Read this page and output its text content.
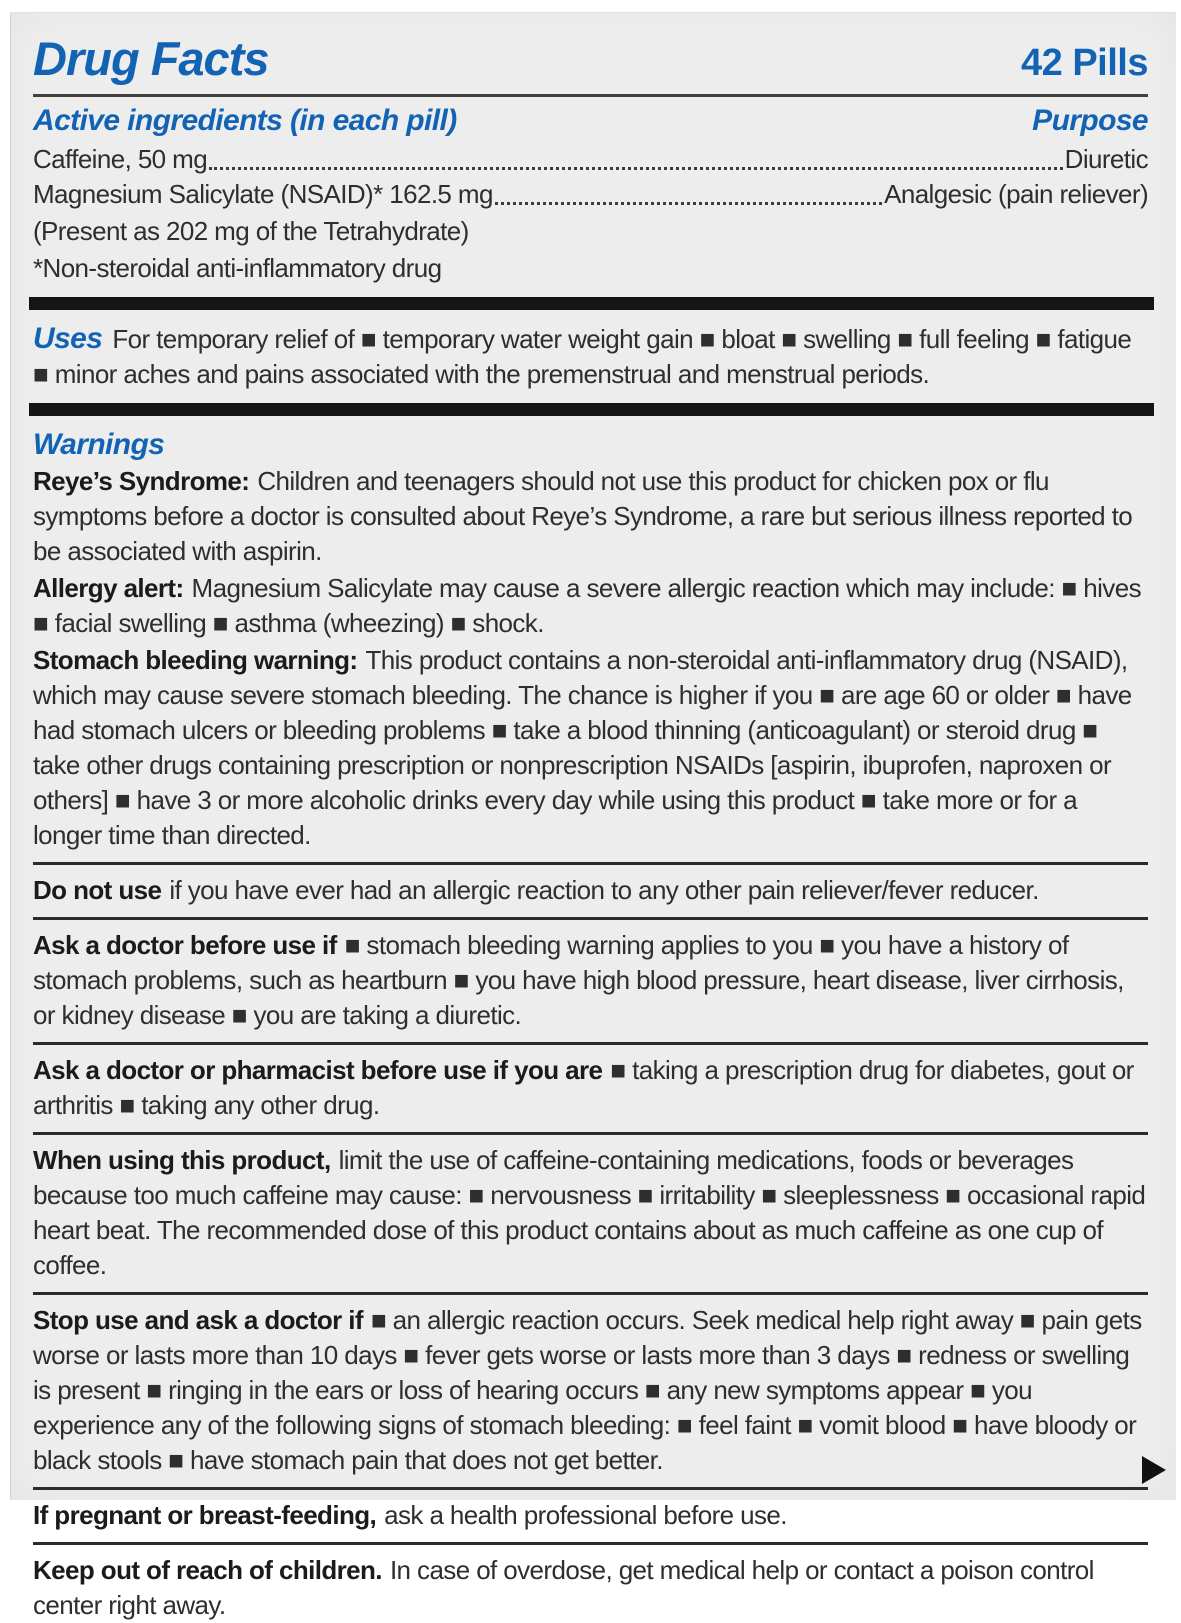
Drug Facts	42 Pills
Active ingredients (in each pill)	Purpose
Caffeine, 50 mg	Diuretic
Magnesium Salicylate (NSAID)* 162.5 mg	Analgesic (pain reliever)

(Present as 202 mg of the Tetrahydrate)

*Non-steroidal anti-inflammatory drug

Uses For temporary relief of ■ temporary water weight gain ■ bloat ■ swelling ■ full feeling ■ fatigue ■ minor aches and pains associated with the premenstrual and menstrual periods.

Warnings

Reye’s Syndrome: Children and teenagers should not use this product for chicken pox or flu symptoms before a doctor is consulted about Reye’s Syndrome, a rare but serious illness reported to be associated with aspirin.

Allergy alert: Magnesium Salicylate may cause a severe allergic reaction which may include: ■ hives ■ facial swelling ■ asthma (wheezing) ■ shock.

Stomach bleeding warning: This product contains a non-steroidal anti-inflammatory drug (NSAID), which may cause severe stomach bleeding. The chance is higher if you ■ are age 60 or older ■ have had stomach ulcers or bleeding problems ■ take a blood thinning (anticoagulant) or steroid drug ■ take other drugs containing prescription or nonprescription NSAIDs [aspirin, ibuprofen, naproxen or others] ■ have 3 or more alcoholic drinks every day while using this product ■ take more or for a longer time than directed.

Do not use if you have ever had an allergic reaction to any other pain reliever/fever reducer.

Ask a doctor before use if ■ stomach bleeding warning applies to you ■ you have a history of stomach problems, such as heartburn ■ you have high blood pressure, heart disease, liver cirrhosis, or kidney disease ■ you are taking a diuretic.

Ask a doctor or pharmacist before use if you are ■ taking a prescription drug for diabetes, gout or arthritis ■ taking any other drug.

When using this product, limit the use of caffeine-containing medications, foods or beverages because too much caffeine may cause: ■ nervousness ■ irritability ■ sleeplessness ■ occasional rapid heart beat. The recommended dose of this product contains about as much caffeine as one cup of coffee.

Stop use and ask a doctor if ■ an allergic reaction occurs. Seek medical help right away ■ pain gets worse or lasts more than 10 days ■ fever gets worse or lasts more than 3 days ■ redness or swelling is present ■ ringing in the ears or loss of hearing occurs ■ any new symptoms appear ■ you experience any of the following signs of stomach bleeding: ■ feel faint ■ vomit blood ■ have bloody or black stools ■ have stomach pain that does not get better.

If pregnant or breast-feeding, ask a health professional before use.

Keep out of reach of children. In case of overdose, get medical help or contact a poison control center right away.
